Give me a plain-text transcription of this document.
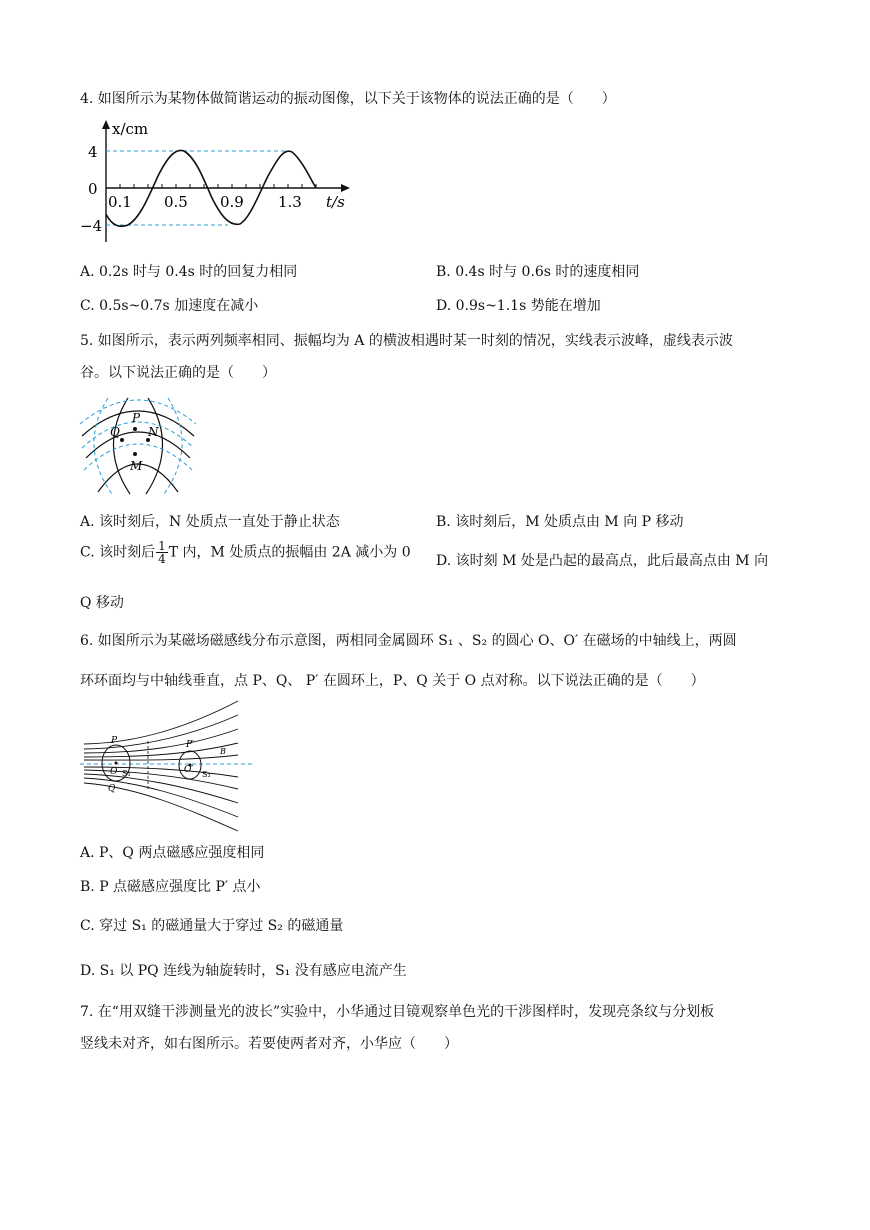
4. 如图所示为某物体做简谐运动的振动图像，以下关于该物体的说法正确的是（　　）
x/cm
4
0
−4
0.1 0.5 0.9 1.3 t/s
A. 0.2s 时与 0.4s 时的回复力相同	B. 0.4s 时与 0.6s 时的速度相同
C. 0.5s~0.7s 加速度在减小	D. 0.9s~1.1s 势能在增加
5. 如图所示，表示两列频率相同、振幅均为 A 的横波相遇时某一时刻的情况，实线表示波峰，虚线表示波
谷。以下说法正确的是（　　）
P
Q N
M
A. 该时刻后，N 处质点一直处于静止状态	B. 该时刻后，M 处质点由 M 向 P 移动
C. 该时刻后 $\frac{1}{4}$ T 内，M 处质点的振幅由 2A 减小为 0
D. 该时刻 M 处是凸起的最高点，此后最高点由 M 向
Q 移动
6. 如图所示为某磁场磁感线分布示意图，两相同金属圆环 S₁ 、S₂ 的圆心 O、O′ 在磁场的中轴线上，两圆
环环面均与中轴线垂直，点 P、Q、 P′ 在圆环上，P、Q 关于 O 点对称。以下说法正确的是（　　）
P
Q
O S₁
P′
O′ S₂
B
A. P、Q 两点磁感应强度相同
B. P 点磁感应强度比 P′ 点小
C. 穿过 S₁ 的磁通量大于穿过 S₂ 的磁通量
D. S₁ 以 PQ 连线为轴旋转时，S₁ 没有感应电流产生
7. 在“用双缝干涉测量光的波长”实验中，小华通过目镜观察单色光的干涉图样时，发现亮条纹与分划板
竖线未对齐，如右图所示。若要使两者对齐，小华应（　　）
